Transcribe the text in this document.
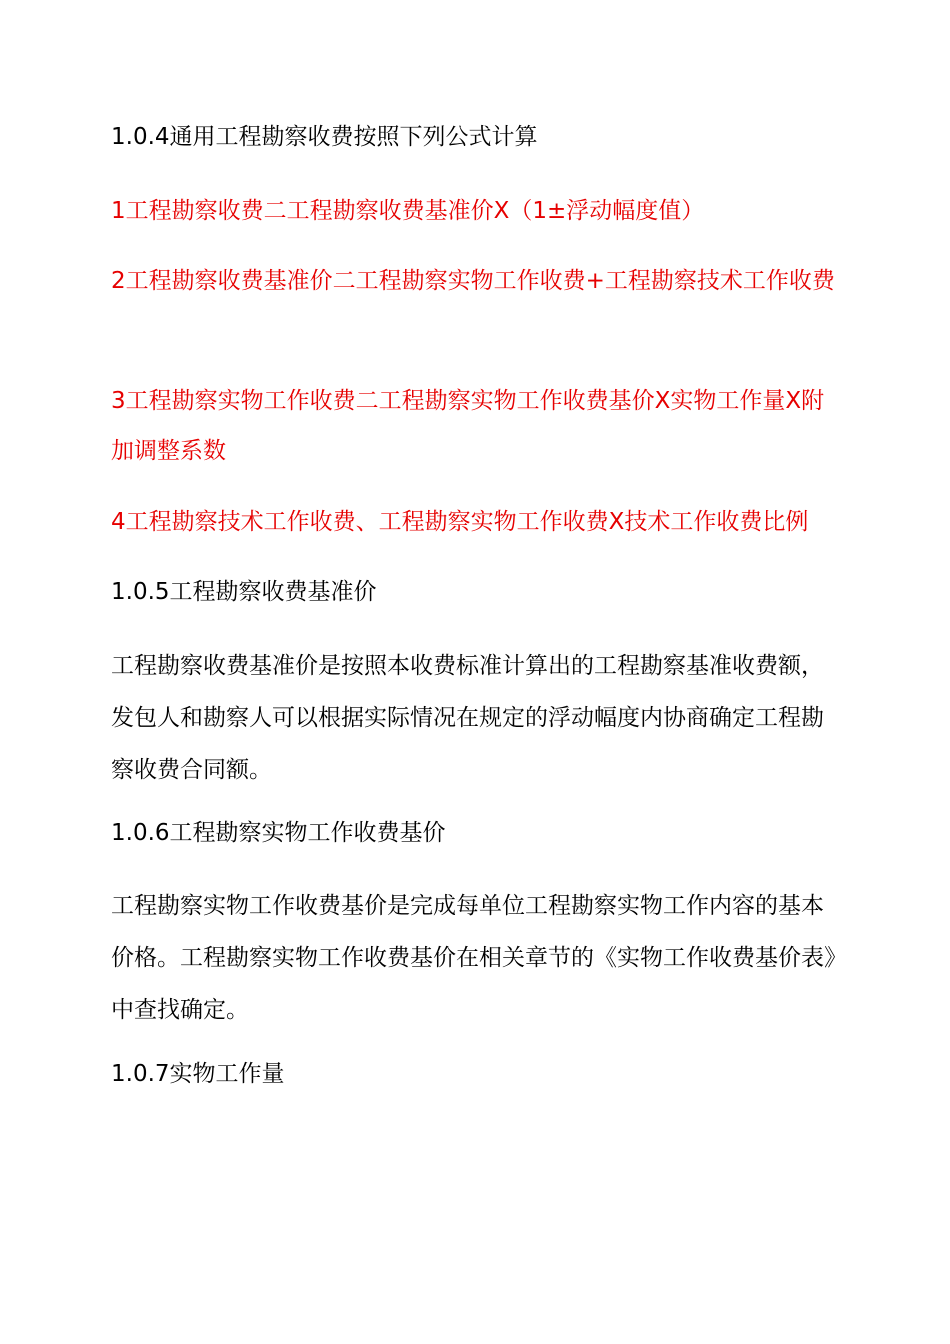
1.0.4通用工程勘察收费按照下列公式计算

1工程勘察收费二工程勘察收费基准价X（1±浮动幅度值）

2工程勘察收费基准价二工程勘察实物工作收费+工程勘察技术工作收费

3工程勘察实物工作收费二工程勘察实物工作收费基价X实物工作量X附加调整系数

4工程勘察技术工作收费、工程勘察实物工作收费X技术工作收费比例

1.0.5工程勘察收费基准价

工程勘察收费基准价是按照本收费标准计算出的工程勘察基准收费额，发包人和勘察人可以根据实际情况在规定的浮动幅度内协商确定工程勘察收费合同额。

1.0.6工程勘察实物工作收费基价

工程勘察实物工作收费基价是完成每单位工程勘察实物工作内容的基本价格。工程勘察实物工作收费基价在相关章节的《实物工作收费基价表》中查找确定。

1.0.7实物工作量
